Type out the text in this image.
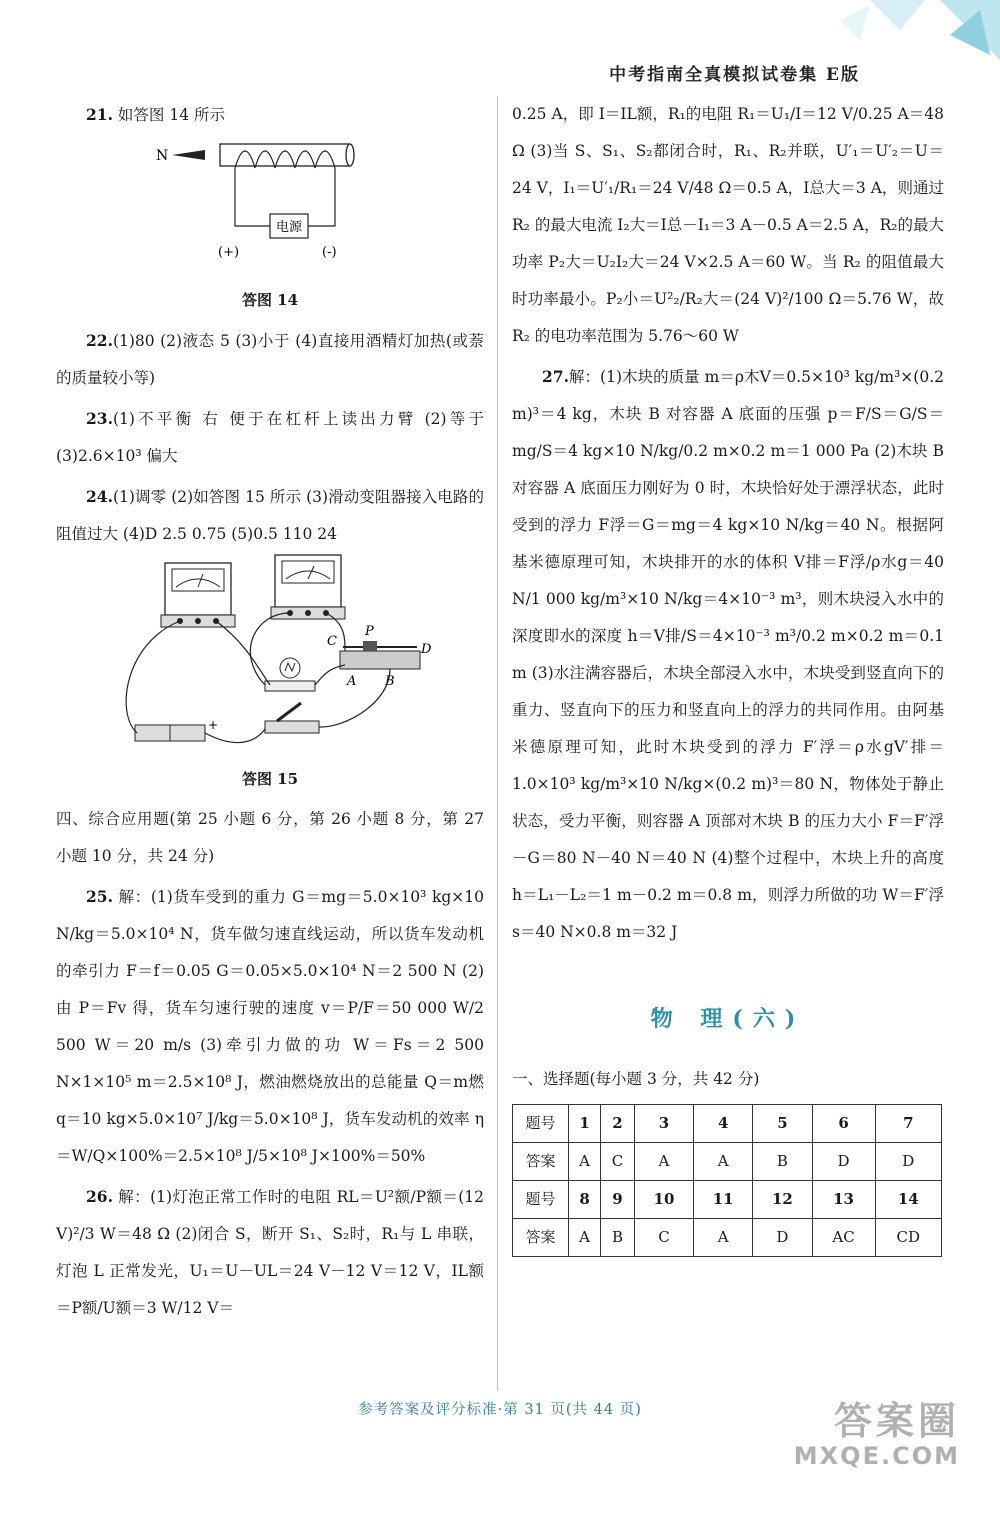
中考指南全真模拟试卷集 E版
21. 如答图 14 所示
N
电源
(+)	(-)
答图 14
22.(1)80 (2)液态 5 (3)小于 (4)直接用酒精灯加热(或萘的质量较小等)
23.(1)不平衡 右 便于在杠杆上读出力臂 (2)等于 (3)2.6×10³ 偏大
24.(1)调零 (2)如答图 15 所示 (3)滑动变阻器接入电路的阻值过大 (4)D 2.5 0.75 (5)0.5 110 24
C
P
D
A B
+
答图 15
四、综合应用题(第 25 小题 6 分，第 26 小题 8 分，第 27 小题 10 分，共 24 分)
25. 解：(1)货车受到的重力 G＝mg＝5.0×10³ kg×10 N/kg＝5.0×10⁴ N，货车做匀速直线运动，所以货车发动机的牵引力 F＝f＝0.05 G＝0.05×5.0×10⁴ N＝2 500 N (2)由 P＝Fv 得，货车匀速行驶的速度 v＝P/F＝50 000 W/2 500 W＝20 m/s (3)牵引力做的功 W＝Fs＝2 500 N×1×10⁵ m＝2.5×10⁸ J，燃油燃烧放出的总能量 Q＝m燃 q＝10 kg×5.0×10⁷ J/kg＝5.0×10⁸ J，货车发动机的效率 η＝W/Q×100%＝2.5×10⁸ J/5×10⁸ J×100%＝50%
26. 解：(1)灯泡正常工作时的电阻 RL＝U²额/P额＝(12 V)²/3 W＝48 Ω (2)闭合 S，断开 S₁、S₂时，R₁与 L 串联，灯泡 L 正常发光，U₁＝U－UL＝24 V－12 V＝12 V，IL额＝P额/U额＝3 W/12 V＝
0.25 A，即 I＝IL额，R₁的电阻 R₁＝U₁/I＝12 V/0.25 A＝48 Ω (3)当 S、S₁、S₂都闭合时，R₁、R₂并联，U′₁＝U′₂＝U＝24 V，I₁＝U′₁/R₁＝24 V/48 Ω＝0.5 A，I总大＝3 A，则通过 R₂ 的最大电流 I₂大＝I总－I₁＝3 A－0.5 A＝2.5 A，R₂的最大功率 P₂大＝U₂I₂大＝24 V×2.5 A＝60 W。当 R₂ 的阻值最大时功率最小。P₂小＝U²₂/R₂大＝(24 V)²/100 Ω＝5.76 W，故 R₂ 的电功率范围为 5.76～60 W
27.解：(1)木块的质量 m＝ρ木V＝0.5×10³ kg/m³×(0.2 m)³＝4 kg，木块 B 对容器 A 底面的压强 p＝F/S＝G/S＝mg/S＝4 kg×10 N/kg/0.2 m×0.2 m＝1 000 Pa (2)木块 B 对容器 A 底面压力刚好为 0 时，木块恰好处于漂浮状态，此时受到的浮力 F浮＝G＝mg＝4 kg×10 N/kg＝40 N。根据阿基米德原理可知，木块排开的水的体积 V排＝F浮/ρ水g＝40 N/1 000 kg/m³×10 N/kg＝4×10⁻³ m³，则木块浸入水中的深度即水的深度 h＝V排/S＝4×10⁻³ m³/0.2 m×0.2 m＝0.1 m (3)水注满容器后，木块全部浸入水中，木块受到竖直向下的重力、竖直向下的压力和竖直向上的浮力的共同作用。由阿基米德原理可知，此时木块受到的浮力 F′浮＝ρ水gV′排＝1.0×10³ kg/m³×10 N/kg×(0.2 m)³＝80 N，物体处于静止状态，受力平衡，则容器 A 顶部对木块 B 的压力大小 F＝F′浮－G＝80 N－40 N＝40 N (4)整个过程中，木块上升的高度 h＝L₁－L₂＝1 m－0.2 m＝0.8 m，则浮力所做的功 W＝F′浮s＝40 N×0.8 m＝32 J
物 理(六)
一、选择题(每小题 3 分，共 42 分)
题号	1	2	3	4	5	6	7
答案	A	C	A	A	B	D	D
题号	8	9	10	11	12	13	14
答案	A	B	C	A	D	AC	CD
参考答案及评分标准·第 31 页(共 44 页)	答案圈
MXQE.COM
